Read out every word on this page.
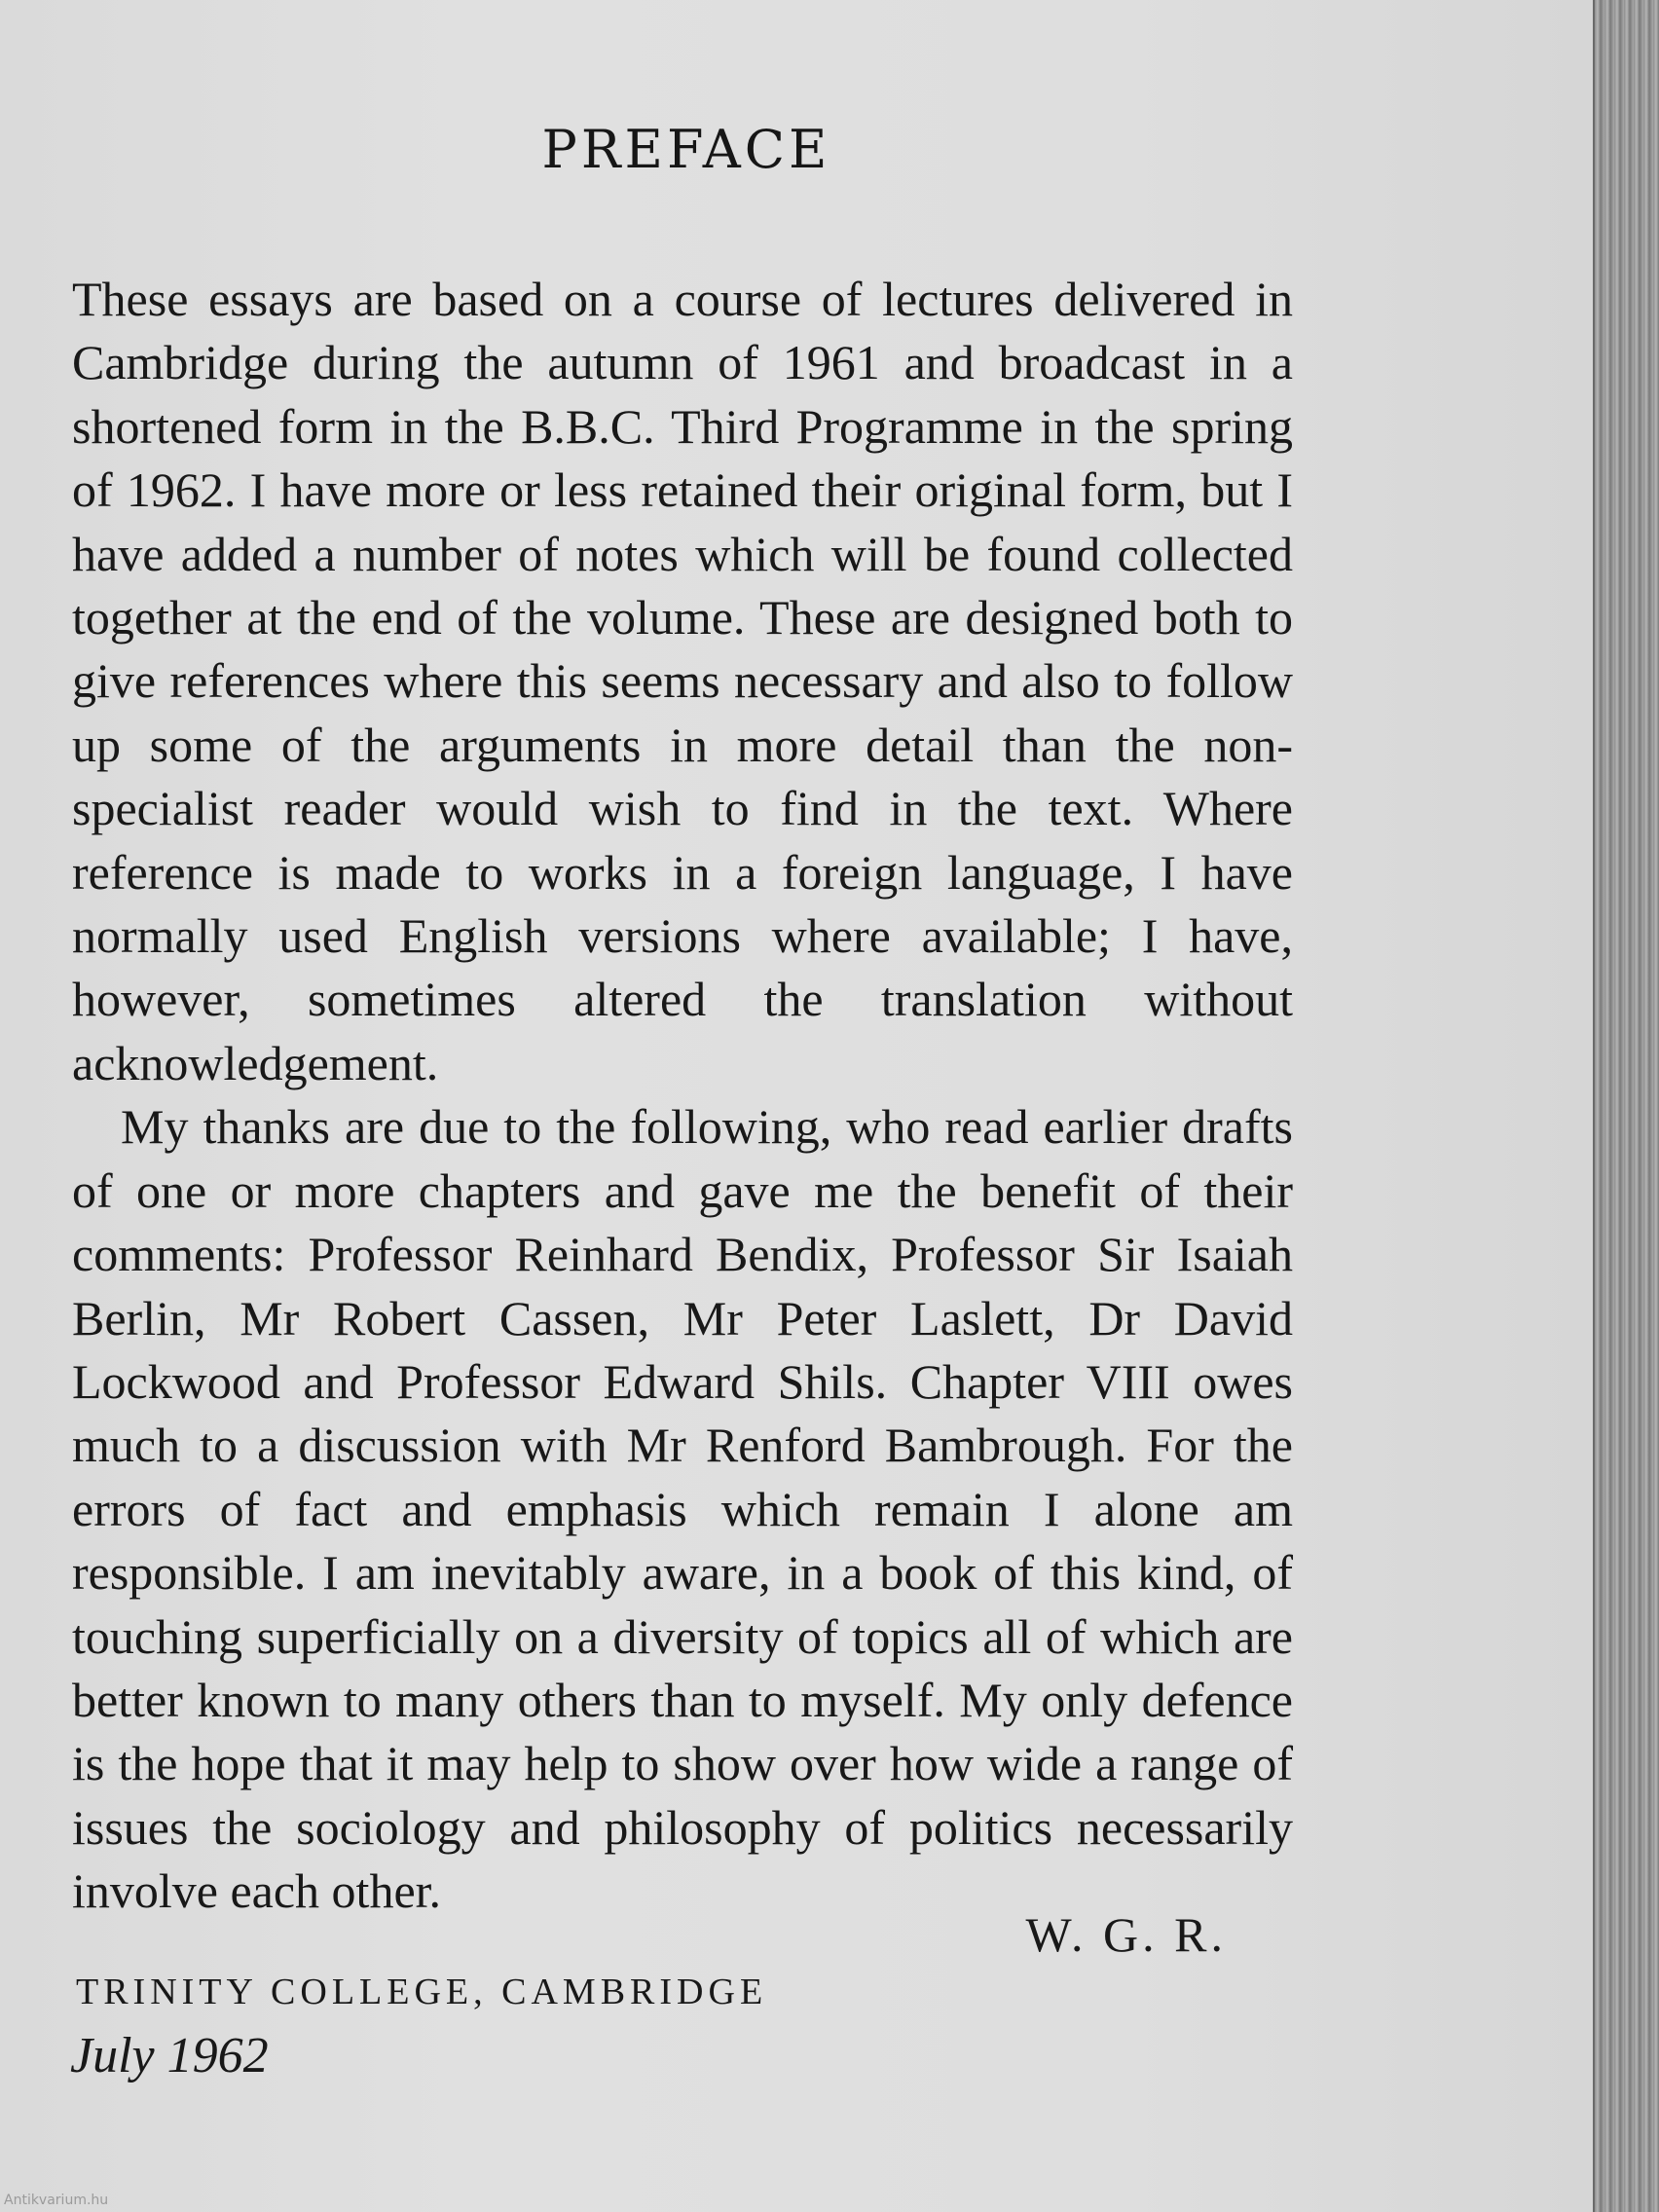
PREFACE

These essays are based on a course of lectures delivered in Cambridge during the autumn of 1961 and broadcast in a shortened form in the B.B.C. Third Programme in the spring of 1962. I have more or less retained their original form, but I have added a number of notes which will be found collected together at the end of the volume. These are designed both to give references where this seems necessary and also to follow up some of the arguments in more detail than the non-specialist reader would wish to find in the text. Where reference is made to works in a foreign language, I have normally used English versions where available; I have, however, sometimes altered the translation without acknowledgement.

My thanks are due to the following, who read earlier drafts of one or more chapters and gave me the benefit of their comments: Professor Reinhard Bendix, Professor Sir Isaiah Berlin, Mr Robert Cassen, Mr Peter Laslett, Dr David Lockwood and Professor Edward Shils. Chapter VIII owes much to a discussion with Mr Renford Bambrough. For the errors of fact and emphasis which remain I alone am responsible. I am inevitably aware, in a book of this kind, of touching superficially on a diversity of topics all of which are better known to many others than to myself. My only defence is the hope that it may help to show over how wide a range of issues the sociology and philosophy of politics necessarily involve each other.

W. G. R.
TRINITY COLLEGE, CAMBRIDGE
July 1962
Antikvarium.hu
